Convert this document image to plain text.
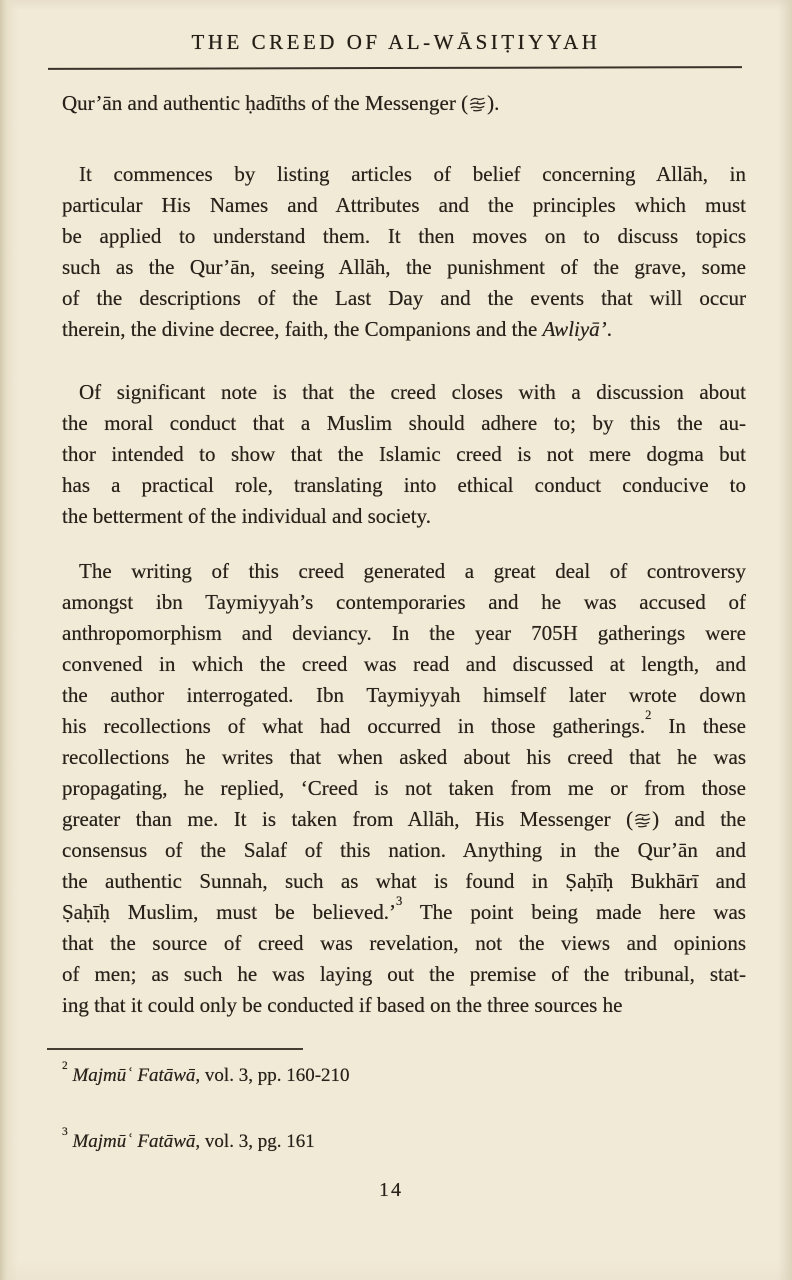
THE CREED OF AL-WĀSIṬIYYAH
Qur’ān and authentic ḥadīths of the Messenger ( ).
It commences by listing articles of belief concerning Allāh, in
particular His Names and Attributes and the principles which must
be applied to understand them. It then moves on to discuss topics
such as the Qur’ān, seeing Allāh, the punishment of the grave, some
of the descriptions of the Last Day and the events that will occur
therein, the divine decree, faith, the Companions and the Awliyā’.
Of significant note is that the creed closes with a discussion about
the moral conduct that a Muslim should adhere to; by this the au-
thor intended to show that the Islamic creed is not mere dogma but
has a practical role, translating into ethical conduct conducive to
the betterment of the individual and society.
The writing of this creed generated a great deal of controversy
amongst ibn Taymiyyah’s contemporaries and he was accused of
anthropomorphism and deviancy. In the year 705H gatherings were
convened in which the creed was read and discussed at length, and
the author interrogated. Ibn Taymiyyah himself later wrote down
his recollections of what had occurred in those gatherings.$^2$ In these
recollections he writes that when asked about his creed that he was
propagating, he replied, ‘Creed is not taken from me or from those
greater than me. It is taken from Allāh, His Messenger ( ) and the
consensus of the Salaf of this nation. Anything in the Qur’ān and
the authentic Sunnah, such as what is found in Ṣaḥīḥ Bukhārī and
Ṣaḥīḥ Muslim, must be believed.’$^3$ The point being made here was
that the source of creed was revelation, not the views and opinions
of men; as such he was laying out the premise of the tribunal, stat-
ing that it could only be conducted if based on the three sources he
$^2$ Majmūʿ Fatāwā, vol. 3, pp. 160-210
$^3$ Majmūʿ Fatāwā, vol. 3, pg. 161
14
